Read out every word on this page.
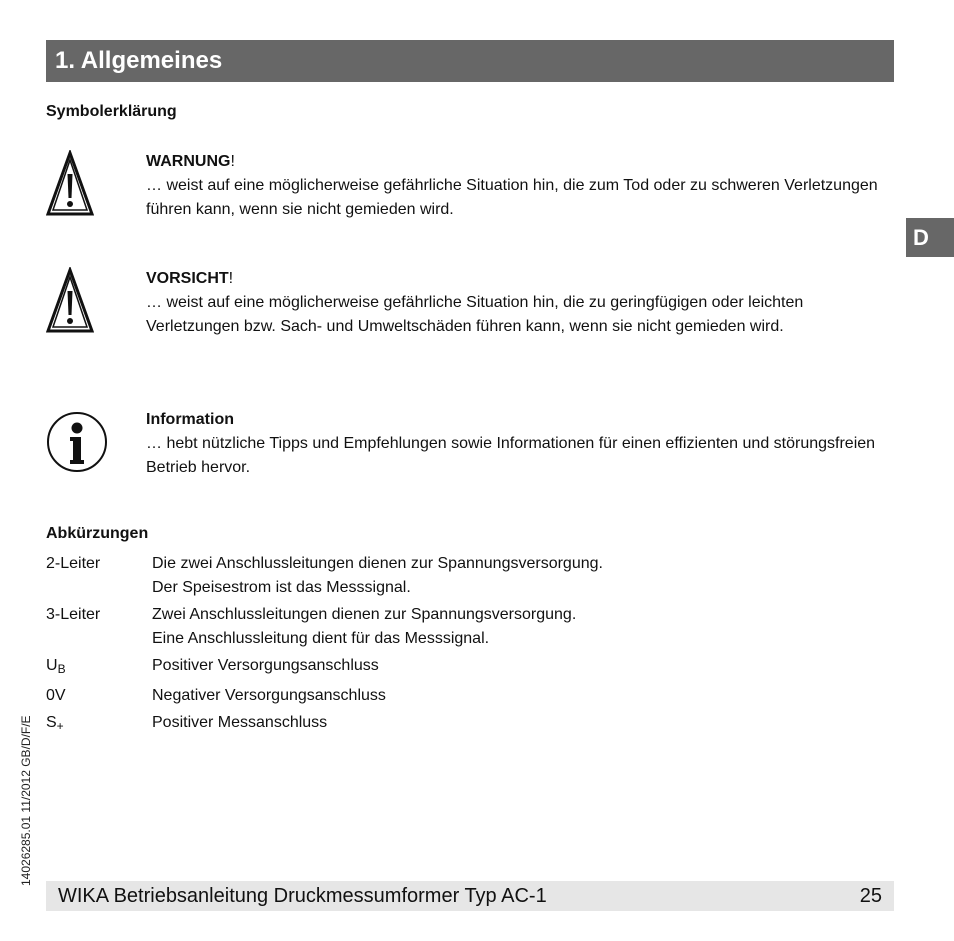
1. Allgemeines
D
Symbolerklärung
WARNUNG!
… weist auf eine möglicherweise gefährliche Situation hin, die zum Tod oder zu schweren Verletzungen führen kann, wenn sie nicht gemieden wird.
VORSICHT!
… weist auf eine möglicherweise gefährliche Situation hin, die zu geringfügigen oder leichten Verletzungen bzw. Sach- und Umweltschäden führen kann, wenn sie nicht gemieden wird.
Information
… hebt nützliche Tipps und Empfehlungen sowie Informationen für einen effizienten und störungsfreien Betrieb hervor.
Abkürzungen
2-Leiter	Die zwei Anschlussleitungen dienen zur Spannungsversorgung.
Der Speisestrom ist das Messsignal.
3-Leiter	Zwei Anschlussleitungen dienen zur Spannungsversorgung.
Eine Anschlussleitung dient für das Messsignal.
$U_B$	Positiver Versorgungsanschluss
0V	Negativer Versorgungsanschluss
$S_+$	Positiver Messanschluss
14026285.01 11/2012 GB/D/F/E
WIKA Betriebsanleitung Druckmessumformer Typ AC-1	25
